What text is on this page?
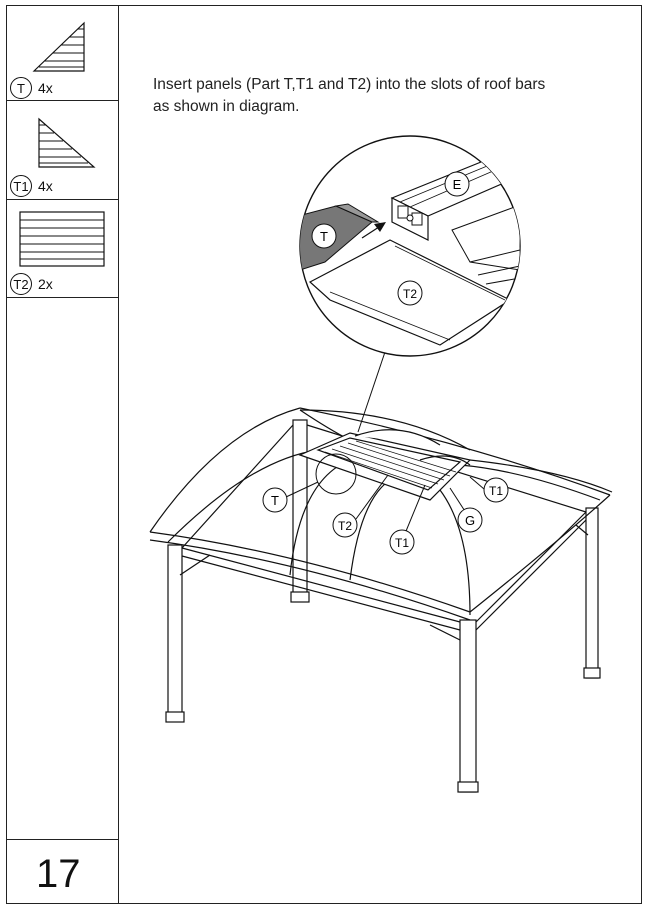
T 4x
T1 4x
T2 2x
17
Insert panels (Part T,T1 and T2) into the slots of roof bars
as shown in diagram.
T
E
T2
T
T2
T1
G
T1
